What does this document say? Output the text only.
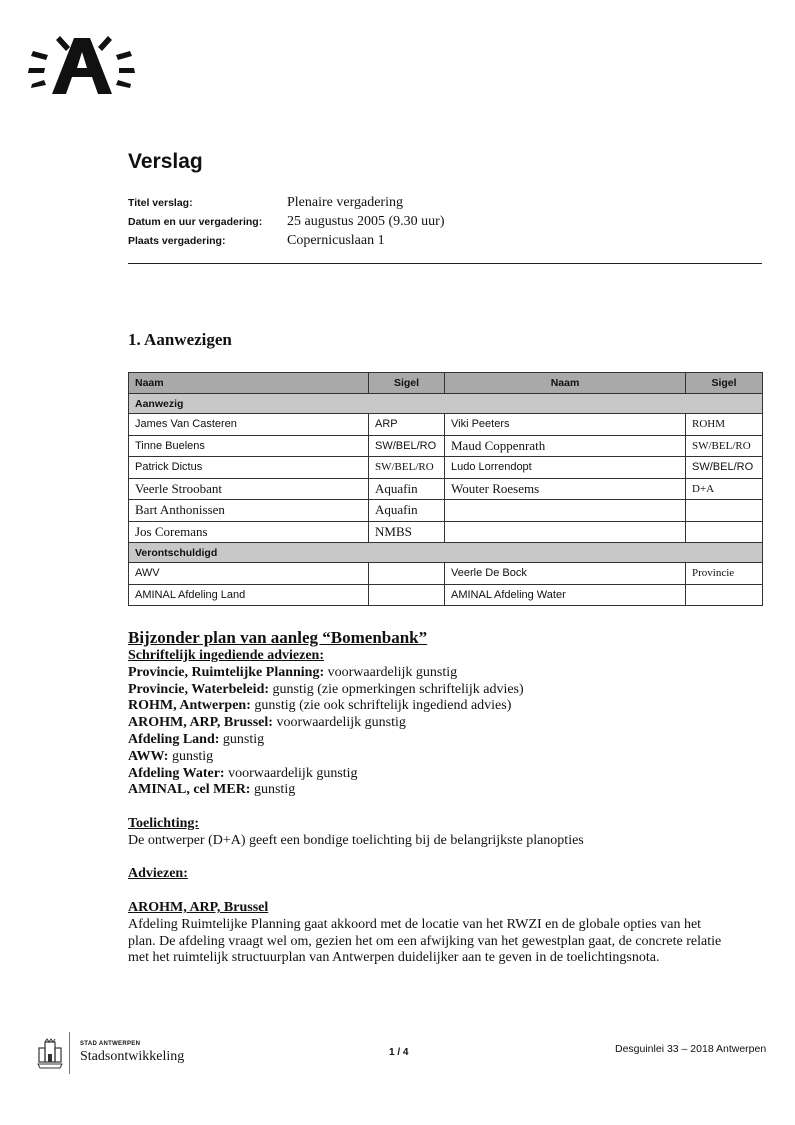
Verslag
Titel verslag:	Plenaire vergadering
Datum en uur vergadering:	25 augustus 2005 (9.30 uur)
Plaats vergadering:	Copernicuslaan 1
1. Aanwezigen
Naam	Sigel	Naam	Sigel
Aanwezig			
James Van Casteren	ARP	Viki Peeters	ROHM
Tinne Buelens	SW/BEL/RO	Maud Coppenrath	SW/BEL/RO
Patrick Dictus	SW/BEL/RO	Ludo Lorrendopt	SW/BEL/RO
Veerle Stroobant	Aquafin	Wouter Roesems	D+A
Bart Anthonissen	Aquafin		
Jos Coremans	NMBS		
Verontschuldigd			
AWV		Veerle De Bock	Provincie
AMINAL Afdeling Land		AMINAL Afdeling Water	

Bijzonder plan van aanleg “Bomenbank”

Schriftelijk ingediende adviezen:

Provincie, Ruimtelijke Planning: voorwaardelijk gunstig

Provincie, Waterbeleid: gunstig (zie opmerkingen schriftelijk advies)

ROHM, Antwerpen: gunstig (zie ook schriftelijk ingediend advies)

AROHM, ARP, Brussel: voorwaardelijk gunstig

Afdeling Land: gunstig

AWW: gunstig

Afdeling Water: voorwaardelijk gunstig

AMINAL, cel MER: gunstig

Toelichting:

De ontwerper (D+A) geeft een bondige toelichting bij de belangrijkste planopties

Adviezen:

AROHM, ARP, Brussel

Afdeling Ruimtelijke Planning gaat akkoord met de locatie van het RWZI en de globale opties van het

plan. De afdeling vraagt wel om, gezien het om een afwijking van het gewestplan gaat, de concrete relatie

met het ruimtelijk structuurplan van Antwerpen duidelijker aan te geven in de toelichtingsnota.

STAD ANTWERPEN
Stadsontwikkeling	1 / 4	Desguinlei 33 – 2018 Antwerpen
